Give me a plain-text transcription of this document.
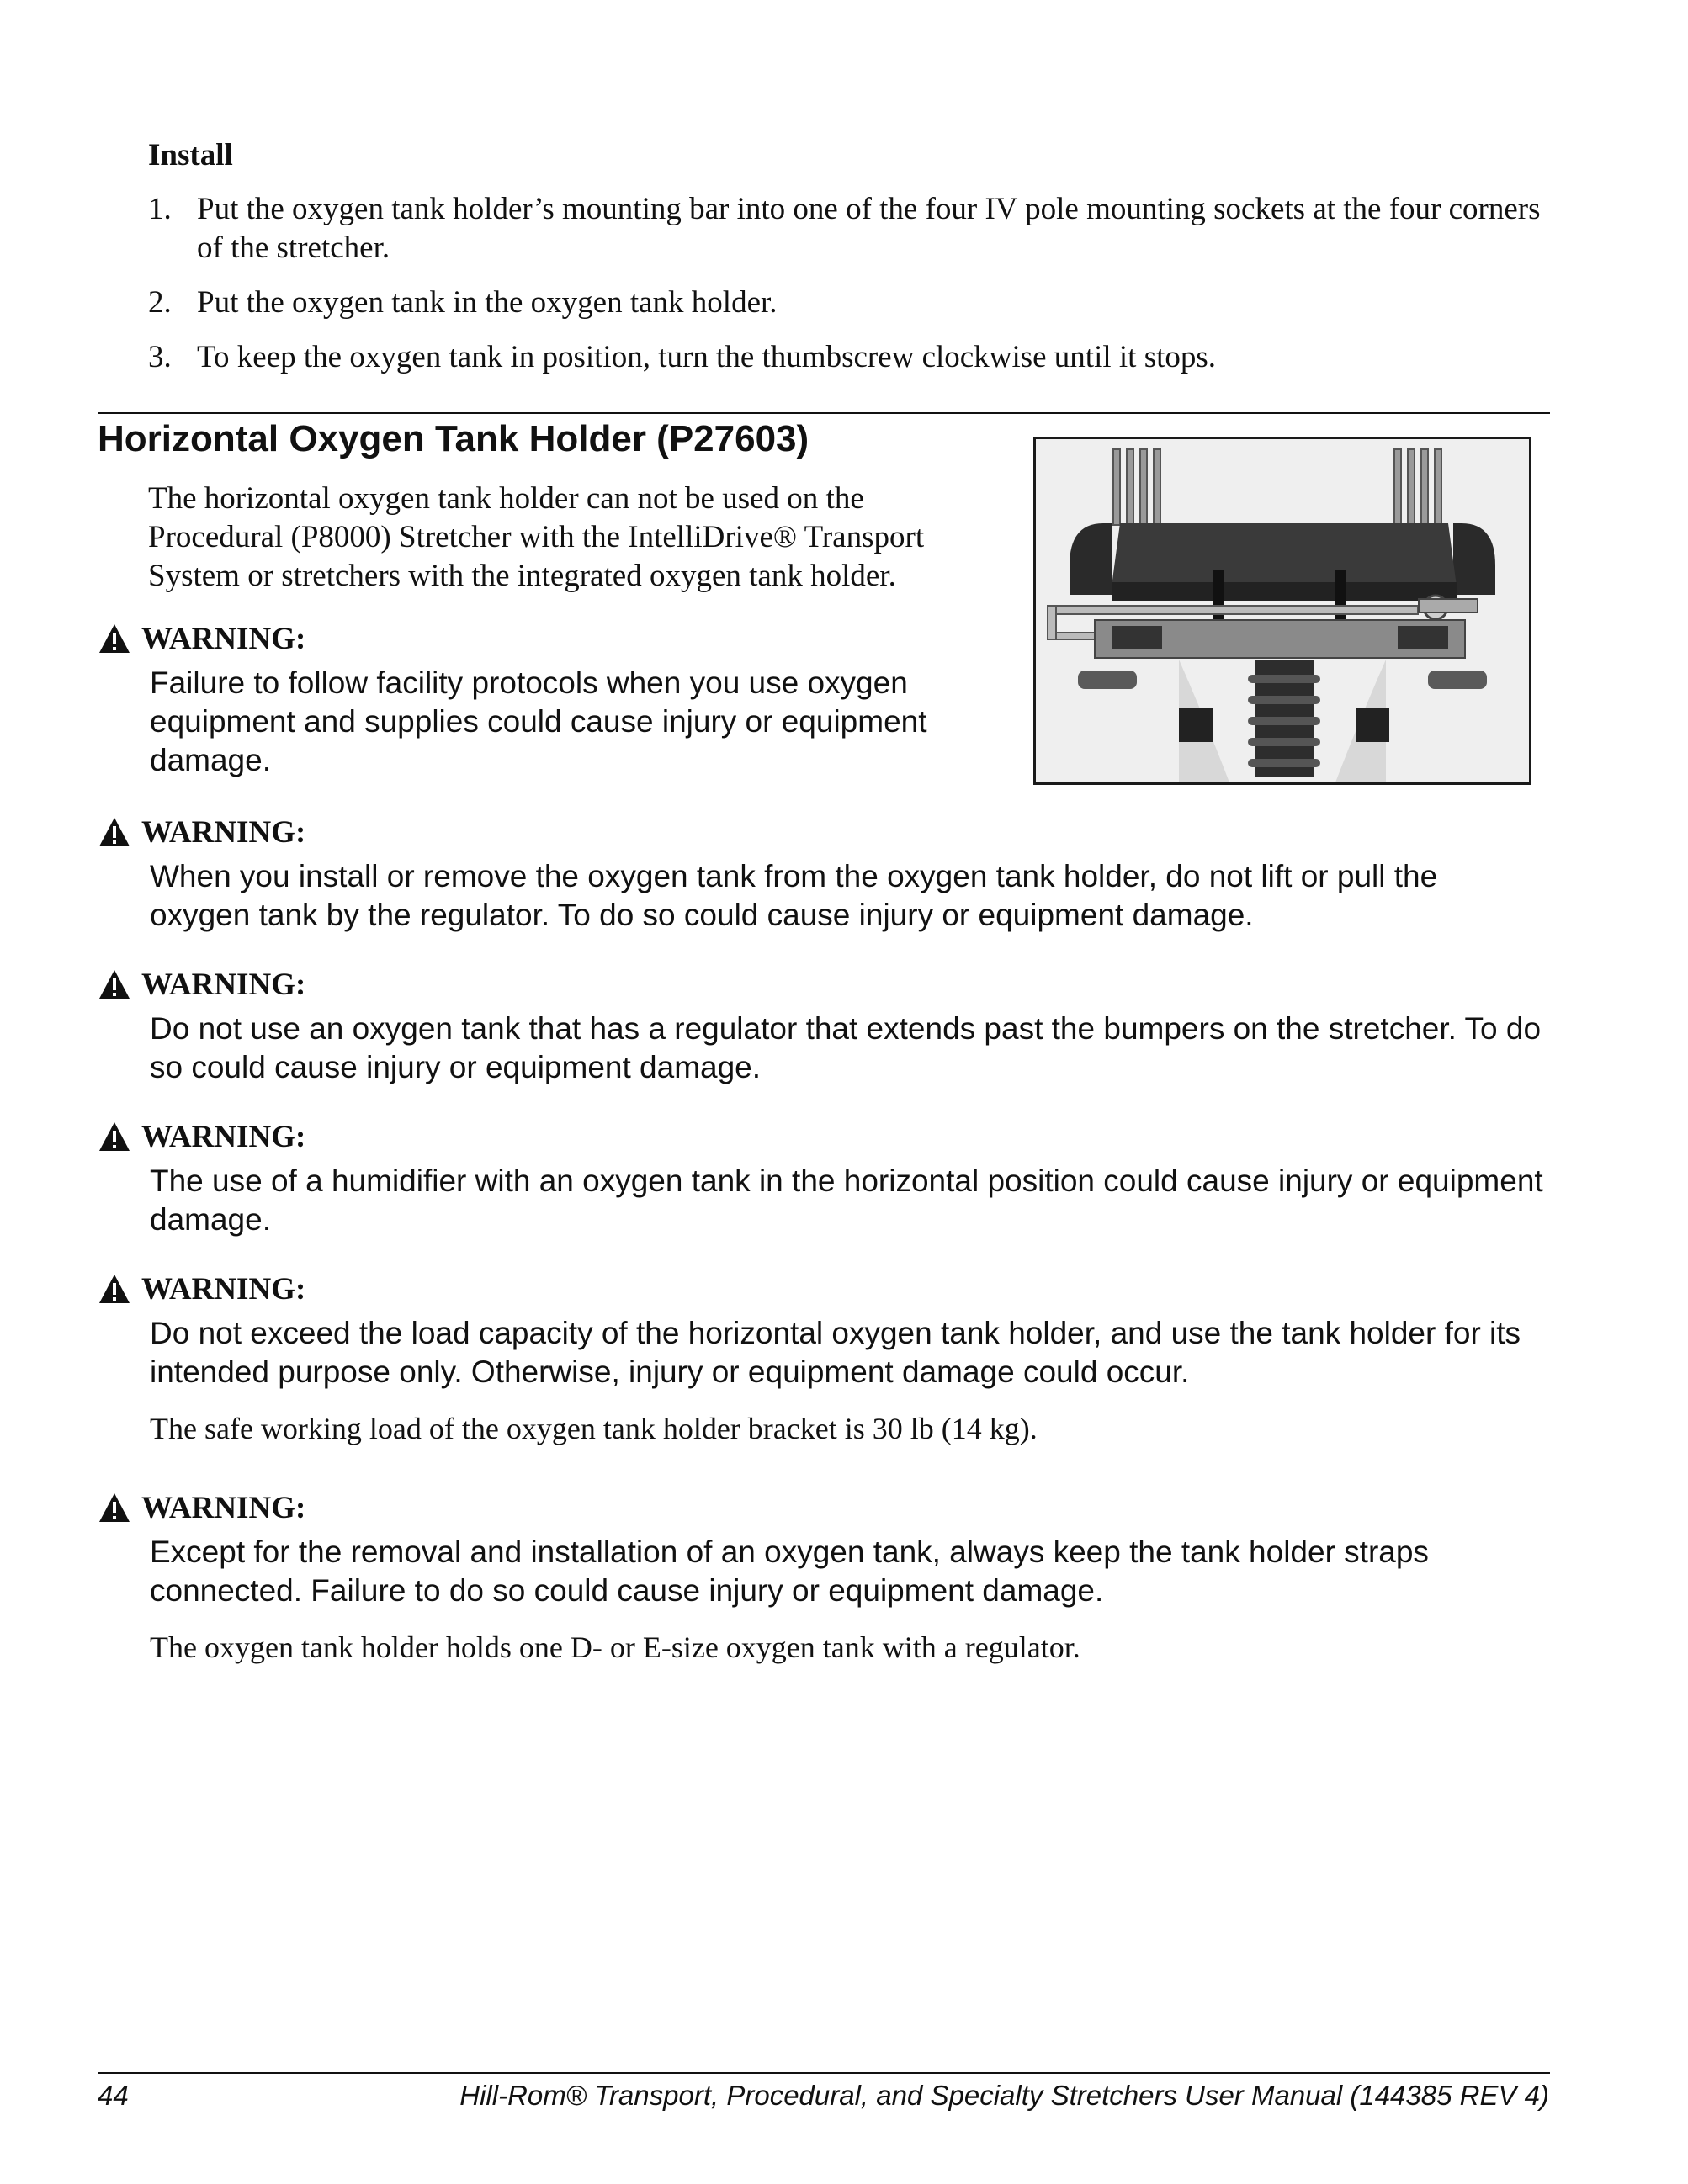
Install
1. Put the oxygen tank holder’s mounting bar into one of the four IV pole mounting sockets at the four corners of the stretcher.
2. Put the oxygen tank in the oxygen tank holder.
3. To keep the oxygen tank in position, turn the thumbscrew clockwise until it stops.
Horizontal Oxygen Tank Holder (P27603)
The horizontal oxygen tank holder can not be used on the Procedural (P8000) Stretcher with the IntelliDrive® Transport System or stretchers with the integrated oxygen tank holder.
WARNING:
Failure to follow facility protocols when you use oxygen equipment and supplies could cause injury or equipment damage.
WARNING:
When you install or remove the oxygen tank from the oxygen tank holder, do not lift or pull the oxygen tank by the regulator. To do so could cause injury or equipment damage.
WARNING:
Do not use an oxygen tank that has a regulator that extends past the bumpers on the stretcher. To do so could cause injury or equipment damage.
WARNING:
The use of a humidifier with an oxygen tank in the horizontal position could cause injury or equipment damage.
WARNING:
Do not exceed the load capacity of the horizontal oxygen tank holder, and use the tank holder for its intended purpose only. Otherwise, injury or equipment damage could occur.
The safe working load of the oxygen tank holder bracket is 30 lb (14 kg).
WARNING:
Except for the removal and installation of an oxygen tank, always keep the tank holder straps connected. Failure to do so could cause injury or equipment damage.
The oxygen tank holder holds one D- or E-size oxygen tank with a regulator.
44	Hill-Rom® Transport, Procedural, and Specialty Stretchers User Manual (144385 REV 4)
